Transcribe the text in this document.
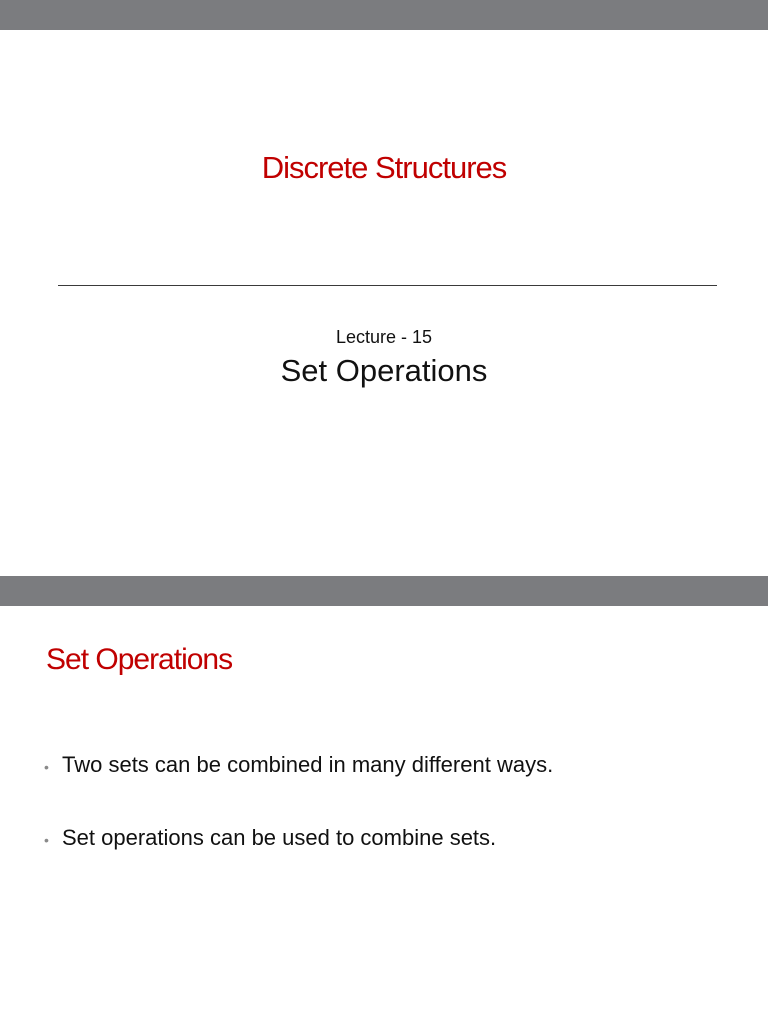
Discrete Structures
Lecture - 15
Set Operations
Set Operations
• Two sets can be combined in many different ways.
• Set operations can be used to combine sets.
